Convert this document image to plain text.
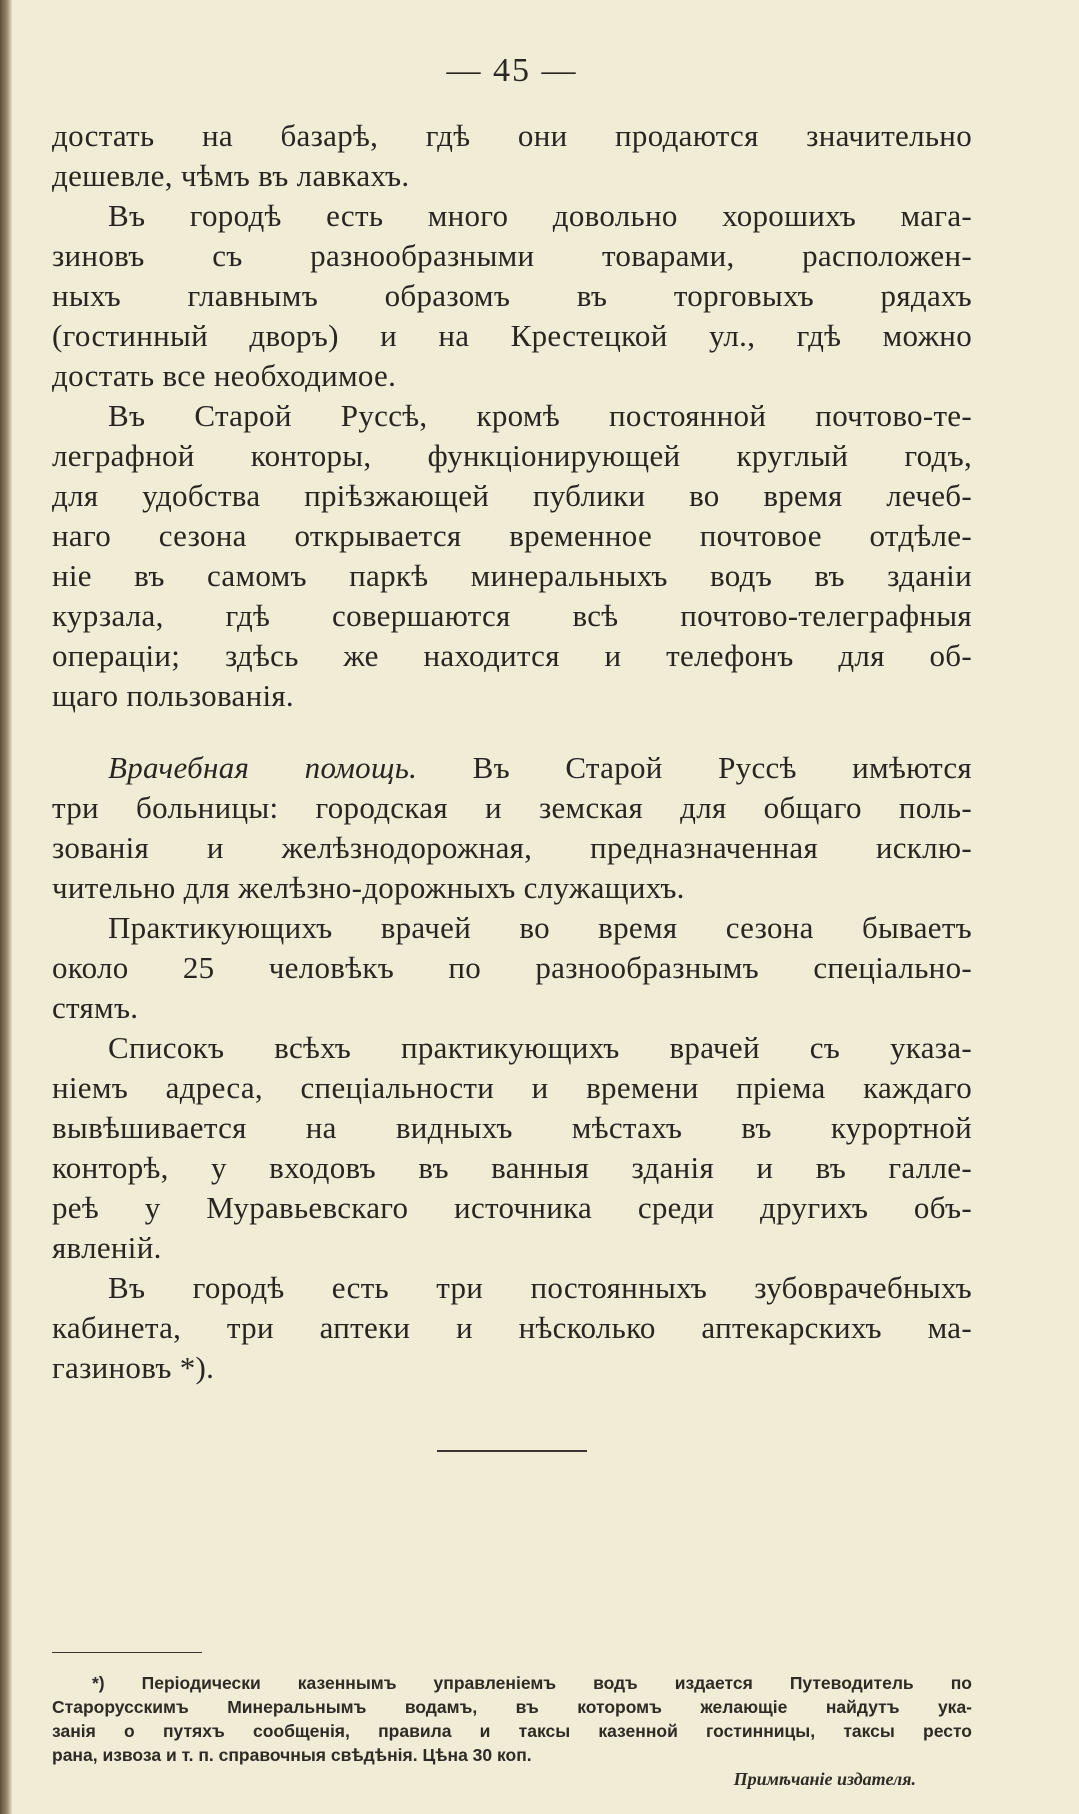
— 45 —
достать на базарѣ, гдѣ они продаются значительно
дешевле, чѣмъ въ лавкахъ.
Въ городѣ есть много довольно хорошихъ мага-
зиновъ съ разнообразными товарами, расположен-
ныхъ главнымъ образомъ въ торговыхъ рядахъ
(гостинный дворъ) и на Крестецкой ул., гдѣ можно
достать все необходимое.
Въ Старой Руссѣ, кромѣ постоянной почтово-те-
леграфной конторы, функціонирующей круглый годъ,
для удобства пріѣзжающей публики во время лечеб-
наго сезона открывается временное почтовое отдѣле-
ніе въ самомъ паркѣ минеральныхъ водъ въ зданіи
курзала, гдѣ совершаются всѣ почтово-телеграфныя
операціи; здѣсь же находится и телефонъ для об-
щаго пользованія.
Врачебная помощь. Въ Старой Руссѣ имѣются
три больницы: городская и земская для общаго поль-
зованія и желѣзнодорожная, предназначенная исклю-
чительно для желѣзно-дорожныхъ служащихъ.
Практикующихъ врачей во время сезона бываетъ
около 25 человѣкъ по разнообразнымъ спеціально-
стямъ.
Списокъ всѣхъ практикующихъ врачей съ указа-
ніемъ адреса, спеціальности и времени пріема каждаго
вывѣшивается на видныхъ мѣстахъ въ курортной
конторѣ, у входовъ въ ванныя зданія и въ галле-
реѣ у Муравьевскаго источника среди другихъ объ-
явленій.
Въ городѣ есть три постоянныхъ зубоврачебныхъ
кабинета, три аптеки и нѣсколько аптекарскихъ ма-
газиновъ *).
*) Періодически казеннымъ управленіемъ водъ издается Путеводитель по
Старорусскимъ Минеральнымъ водамъ, въ которомъ желающіе найдутъ ука-
занія о путяхъ сообщенія, правила и таксы казенной гостинницы, таксы ресто
рана, извоза и т. п. справочныя свѣдѣнія. Цѣна 30 коп.
Примѣчаніе издателя.
